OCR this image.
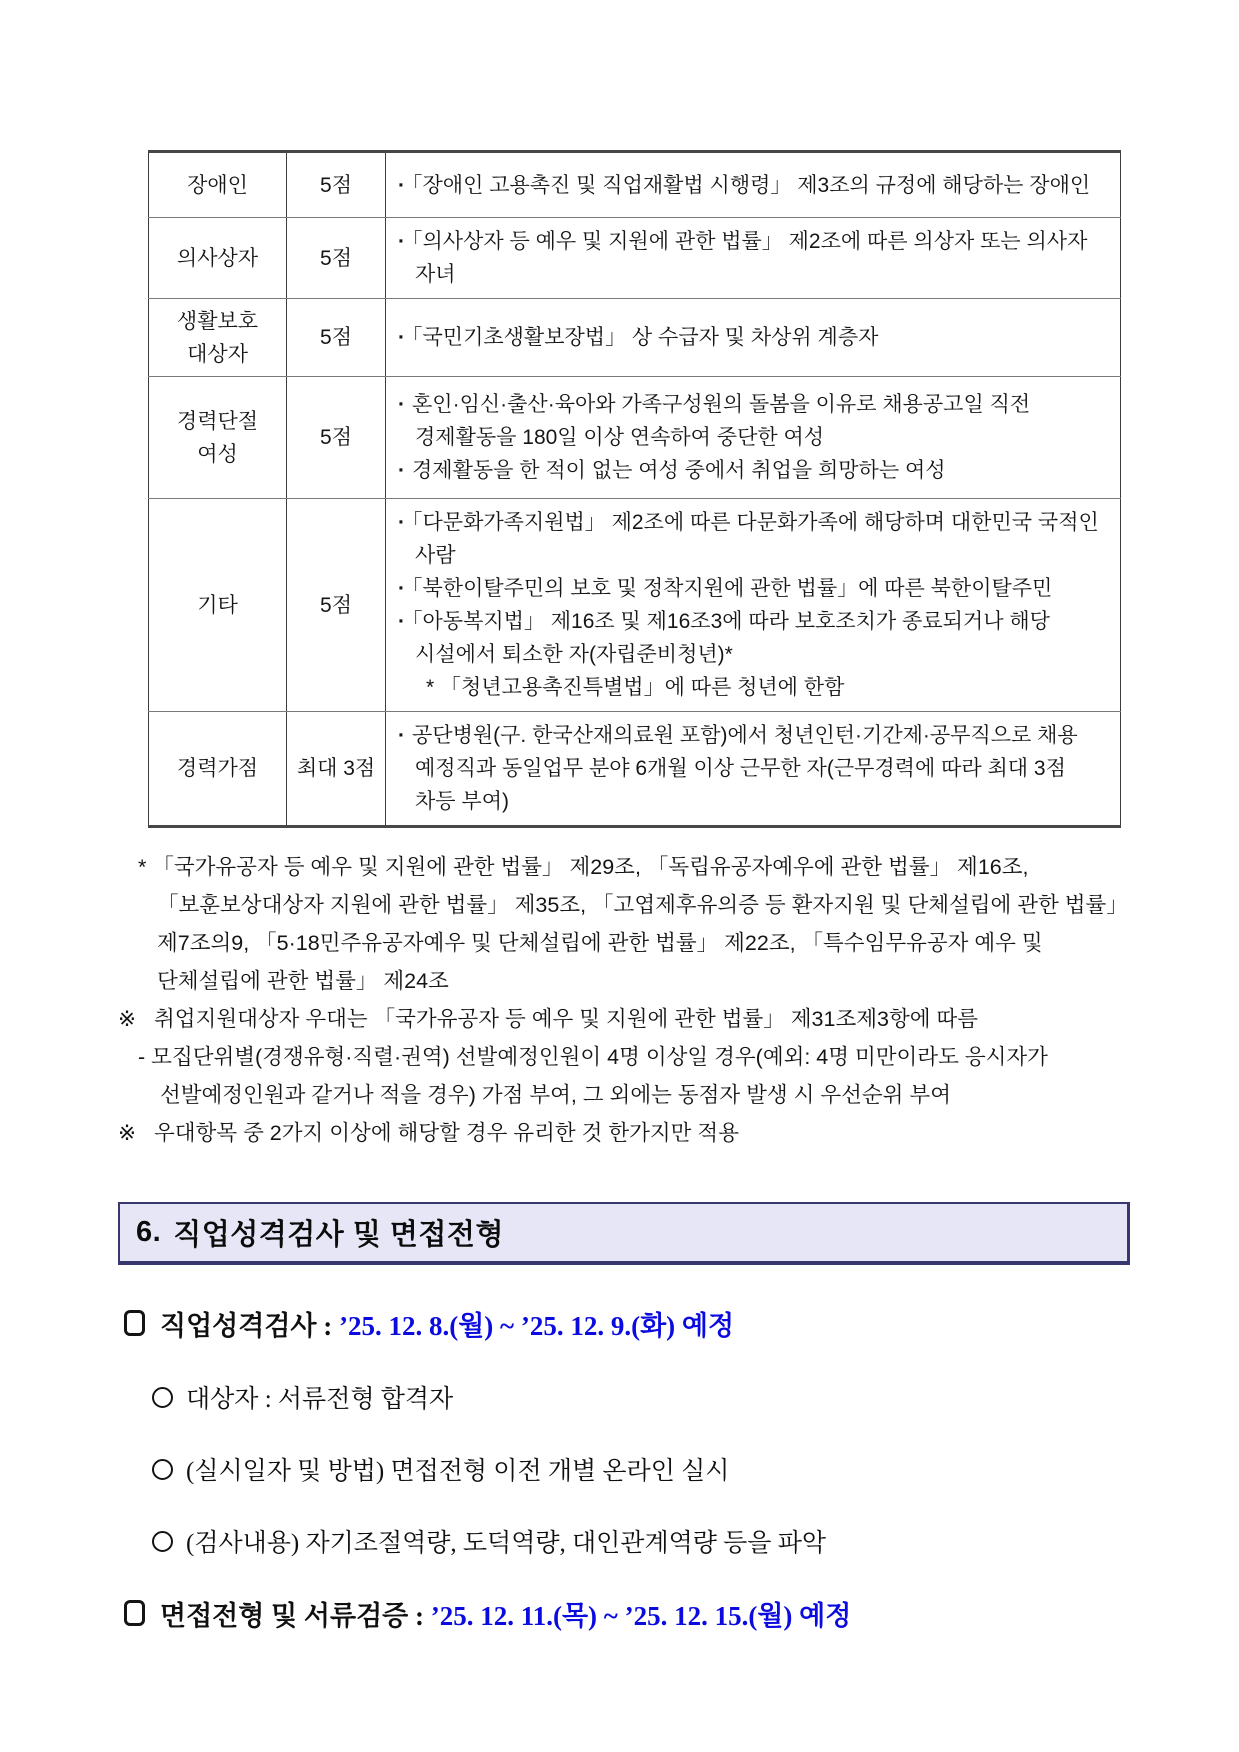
장애인	5점	· 「장애인 고용촉진 및 직업재활법 시행령」 제3조의 규정에 해당하는 장애인

의사상자	5점	· 「의사상자 등 예우 및 지원에 관한 법률」 제2조에 따른 의상자 또는 의사자 자녀

생활보호 대상자	5점	· 「국민기초생활보장법」 상 수급자 및 차상위 계층자

경력단절 여성	5점	· 혼인·임신·출산·육아와 가족구성원의 돌봄을 이유로 채용공고일 직전 경제활동을 180일 이상 연속하여 중단한 여성
· 경제활동을 한 적이 없는 여성 중에서 취업을 희망하는 여성

기타	5점	· 「다문화가족지원법」 제2조에 따른 다문화가족에 해당하며 대한민국 국적인 사람
· 「북한이탈주민의 보호 및 정착지원에 관한 법률」에 따른 북한이탈주민
· 「아동복지법」 제16조 및 제16조3에 따라 보호조치가 종료되거나 해당 시설에서 퇴소한 자(자립준비청년)*
* 「청년고용촉진특별법」에 따른 청년에 한함

경력가점	최대 3점	· 공단병원(구. 한국산재의료원 포함)에서 청년인턴·기간제·공무직으로 채용 예정직과 동일업무 분야 6개월 이상 근무한 자(근무경력에 따라 최대 3점 차등 부여)
* 「국가유공자 등 예우 및 지원에 관한 법률」 제29조, 「독립유공자예우에 관한 법률」 제16조, 「보훈보상대상자 지원에 관한 법률」 제35조, 「고엽제후유의증 등 환자지원 및 단체설립에 관한 법률」 제7조의9, 「5·18민주유공자예우 및 단체설립에 관한 법률」 제22조, 「특수임무유공자 예우 및 단체설립에 관한 법률」 제24조
※ 취업지원대상자 우대는 「국가유공자 등 예우 및 지원에 관한 법률」 제31조제3항에 따름
- 모집단위별(경쟁유형·직렬·권역) 선발예정인원이 4명 이상일 경우(예외: 4명 미만이라도 응시자가 선발예정인원과 같거나 적을 경우) 가점 부여, 그 외에는 동점자 발생 시 우선순위 부여
※ 우대항목 중 2가지 이상에 해당할 경우 유리한 것 한가지만 적용
6. 직업성격검사 및 면접전형
직업성격검사 : ’25. 12. 8.(월) ~ ’25. 12. 9.(화) 예정
대상자 : 서류전형 합격자
(실시일자 및 방법) 면접전형 이전 개별 온라인 실시
(검사내용) 자기조절역량, 도덕역량, 대인관계역량 등을 파악
면접전형 및 서류검증 : ’25. 12. 11.(목) ~ ’25. 12. 15.(월) 예정
